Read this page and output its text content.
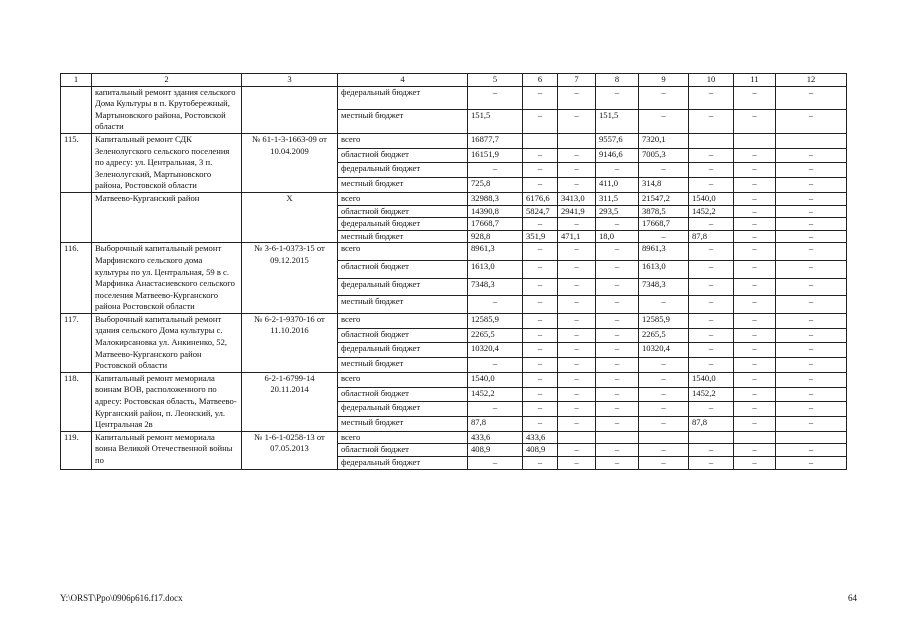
1	2	3	4	5	6	7	8	9	10	11	12
	капитальный ремонт здания сельского Дома Культуры в п. Крутобережный, Мартыновского района, Ростовской области		федеральный бюджет	–	–	–	–	–	–	–	–
			местный бюджет	151,5	–	–	151,5	–	–	–	–
115.	Капитальный ремонт СДК Зеленолугского сельского поселения по адресу: ул. Центральная, 3 п. Зеленолугский, Мартыновского района, Ростовской области	№ 61-1-3-1663-09 от 10.04.2009	всего	16877,7			9557,6	7320,1			
			областной бюджет	16151,9	–	–	9146,6	7005,3	–	–	–
			федеральный бюджет	–	–	–	–	–	–	–	–
			местный бюджет	725,8	–	–	411,0	314,8	–	–	–
	Матвеево-Курганский район	Х	всего	32988,3	6176,6	3413,0	311,5	21547,2	1540,0	–	–
			областной бюджет	14390,8	5824,7	2941,9	293,5	3878,5	1452,2	–	–
			федеральный бюджет	17668,7	–	–	–	17668,7	–	–	–
			местный бюджет	928,8	351,9	471,1	18,0	–	87,8	–	–
116.	Выборочный капитальный ремонт Марфинского сельского дома культуры по ул. Центральная, 59 в с. Марфинка Анастасиевского сельского поселения Матвеево-Курганского района Ростовской области	№ 3-6-1-0373-15 от 09.12.2015	всего	8961,3	–	–	–	8961,3	–	–	–
			областной бюджет	1613,0	–	–	–	1613,0	–	–	–
			федеральный бюджет	7348,3	–	–	–	7348,3	–	–	–
			местный бюджет	–	–	–	–	–	–	–	–
117.	Выборочный капитальный ремонт здания сельского Дома культуры с. Малокирсановка ул. Анкиненко, 52, Матвеево-Курганского район Ростовской области	№ 6-2-1-9370-16 от 11.10.2016	всего	12585,9	–	–	–	12585,9	–	–	–
			областной бюджет	2265,5	–	–	–	2265,5	–	–	–
			федеральный бюджет	10320,4	–	–	–	10320,4	–	–	–
			местный бюджет	–	–	–	–	–	–	–	–
118.	Капитальный ремонт мемориала воинам ВОВ, расположенного по адресу: Ростовская область, Матвеево-Курганский район, п. Леонский, ул. Центральная 2в	6-2-1-6799-14 20.11.2014	всего	1540,0	–	–	–	–	1540,0	–	–
			областной бюджет	1452,2	–	–	–	–	1452,2	–	–
			федеральный бюджет	–	–	–	–	–	–	–	–
			местный бюджет	87,8	–	–	–	–	87,8	–	–
119.	Капитальный ремонт мемориала воина Великой Отечественной войны по	№ 1-6-1-0258-13 от 07.05.2013	всего	433,6	433,6						
			областной бюджет	408,9	408,9	–	–	–	–	–	–
			федеральный бюджет	–	–	–	–	–	–	–	–
Y:\ORST\Ppo\0906p616.f17.docx	64
